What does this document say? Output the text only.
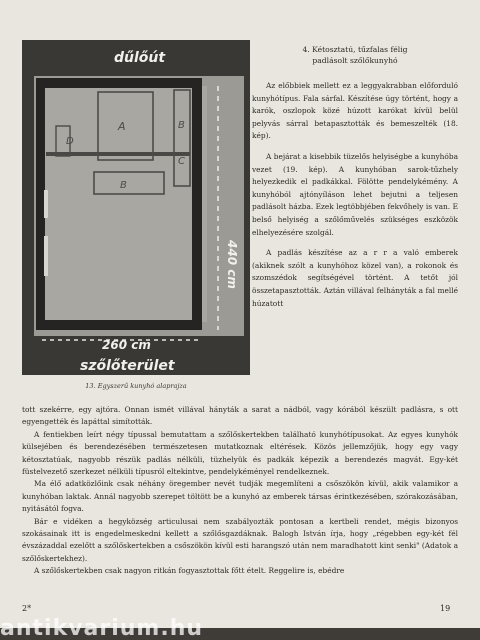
dűlőút
szőlőterület
260 cm
440 cm
A	B
B
C
D
13. Egyszerű kunyhó alaprajza
4. Kétosztatú, tűzfalas félig
padlásolt szőlőkunyhó

Az előbbiek mellett ez a leggyakrabban előforduló kunyhótípus. Fala sárfal. Készítése úgy történt, hogy a karók, oszlopok közé húzott karókat kívül belül pelyvás sárral betapasztották és bemeszelték (18. kép).

A bejárat a kisebbik tüzelős helyiségbe a kunyhóba vezet (19. kép). A kunyhóban sarok-tűzhely helyezkedik el padkákkal. Fölötte pendelykémény. A kunyhóból ajtónyíláson lehet bejutni a teljesen padlásolt házba. Ezek legtöbbjében fekvőhely is van. E belső helyiség a szőlőművelés szükséges eszközök elhelyezésére szolgál.

A padlás készítése az a r r a való emberek (akiknek szólt a kunyhóhoz közel van), a rokonok és szomszédok segítségével történt. A tetőt jól összetapasztották. Aztán villával felhányták a fal mellé húzatott

tott szekérre, egy ajtóra. Onnan ismét villával hányták a sarat a nádból, vagy kórából készült padlásra, s ott egyengették és lapáttal simították.

A fentiekben leírt négy típussal bemutattam a szőlőskertekben található kunyhótípusokat. Az egyes kunyhók külsejében és berendezésében természetesen mutatkoznak eltérések. Közös jellemzőjük, hogy egy vagy kétosztatúak, nagyobb részük padlás nélküli, tüzhelyük és padkák képezik a berendezés magvát. Egy-két füstelvezető szerkezet nélküli típusról eltekintve, pendelykéményel rendelkeznek.

Ma élő adatközlőink csak néhány öregember nevét tudják megemlíteni a csőszökön kívül, akik valamikor a kunyhóban laktak. Annál nagyobb szerepet töltött be a kunyhó az emberek társas érintkezésében, szórakozásában, nyitásától fogva.

Bár e vidéken a hegyközség articulusai nem szabályozták pontosan a kertbeli rendet, mégis bizonyos szokásainak itt is engedelmeskedni kellett a szőlősgazdáknak. Balogh István írja, hogy „régebben egy-két fél évszázaddal ezelőtt a szőlőskertekben a csőszökön kívül esti harangszó után nem maradhatott kint senki" (Adatok a szőlőskertekhez).

A szőlőskertekben csak nagyon ritkán fogyasztottak főtt ételt. Reggelire is, ebédre

2*	19
antikvarium.hu
